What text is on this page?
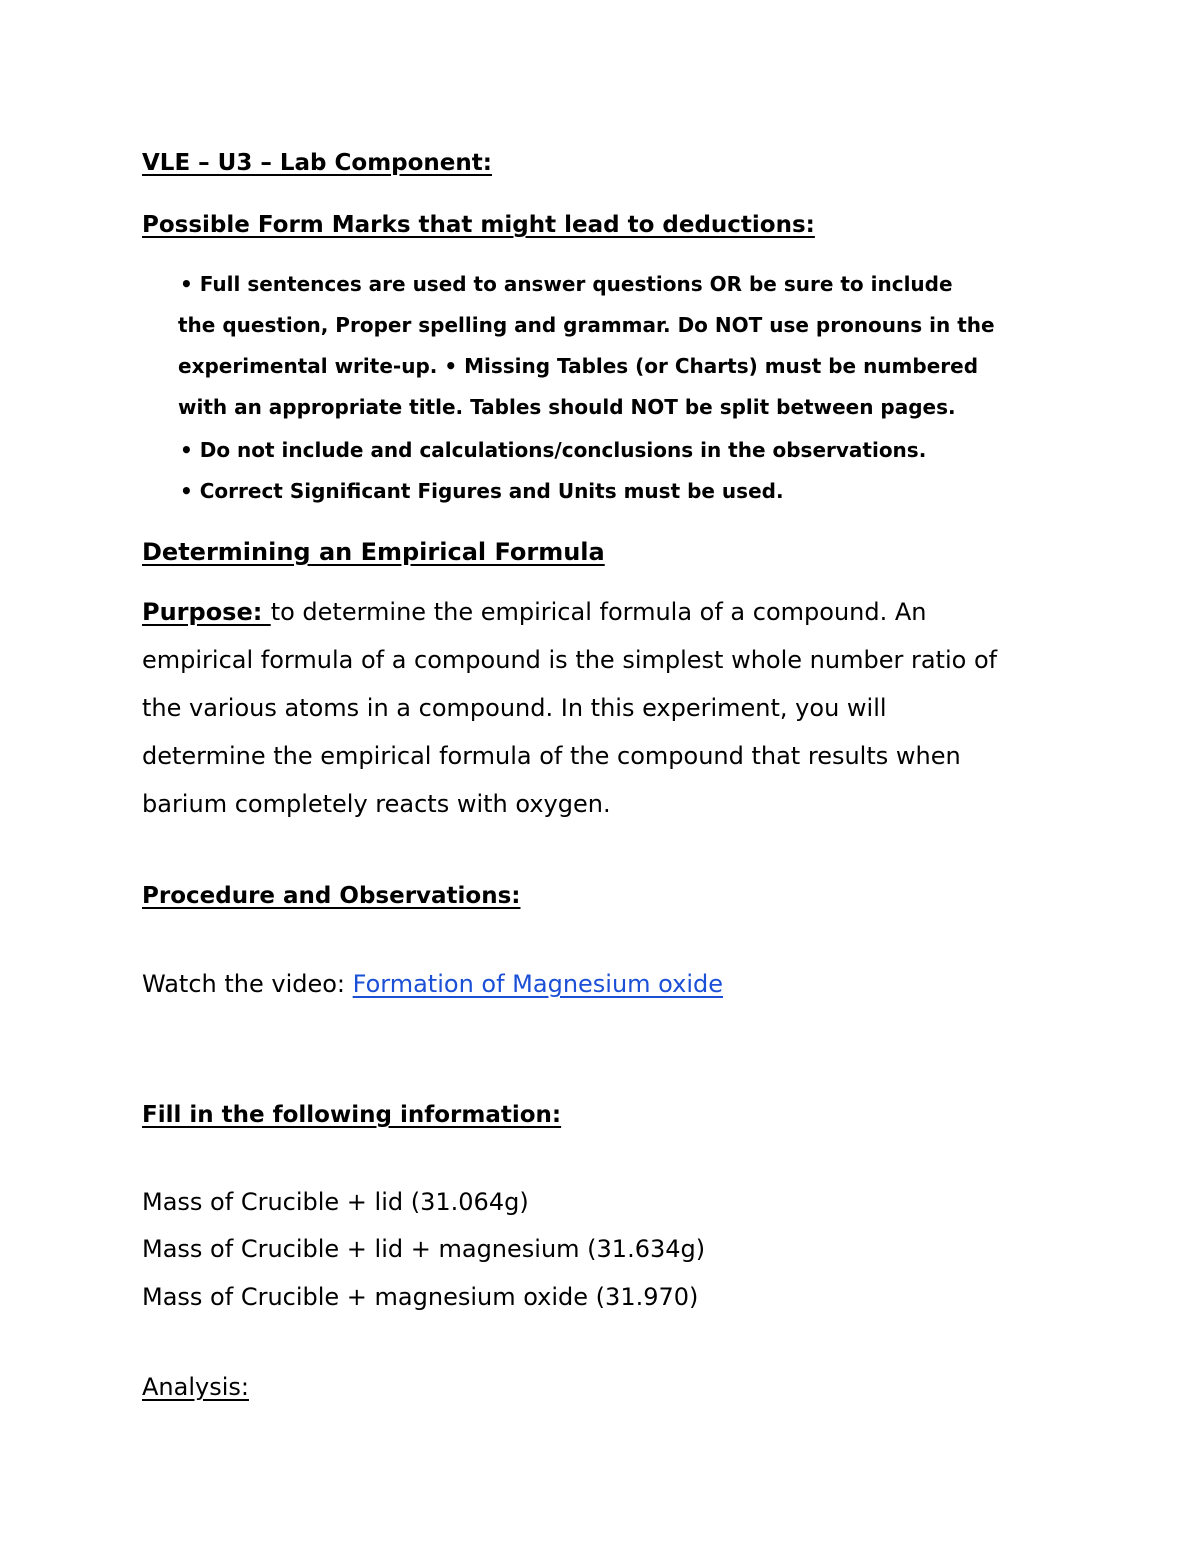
VLE – U3 – Lab Component:
Possible Form Marks that might lead to deductions:
• Full sentences are used to answer questions OR be sure to include
the question, Proper spelling and grammar. Do NOT use pronouns in the
experimental write-up. • Missing Tables (or Charts) must be numbered
with an appropriate title. Tables should NOT be split between pages.
• Do not include and calculations/conclusions in the observations.
• Correct Significant Figures and Units must be used.
Determining an Empirical Formula
Purpose: to determine the empirical formula of a compound. An
empirical formula of a compound is the simplest whole number ratio of
the various atoms in a compound. In this experiment, you will
determine the empirical formula of the compound that results when
barium completely reacts with oxygen.
Procedure and Observations:
Watch the video: Formation of Magnesium oxide
Fill in the following information:
Mass of Crucible + lid (31.064g)
Mass of Crucible + lid + magnesium (31.634g)
Mass of Crucible + magnesium oxide (31.970)
Analysis:
